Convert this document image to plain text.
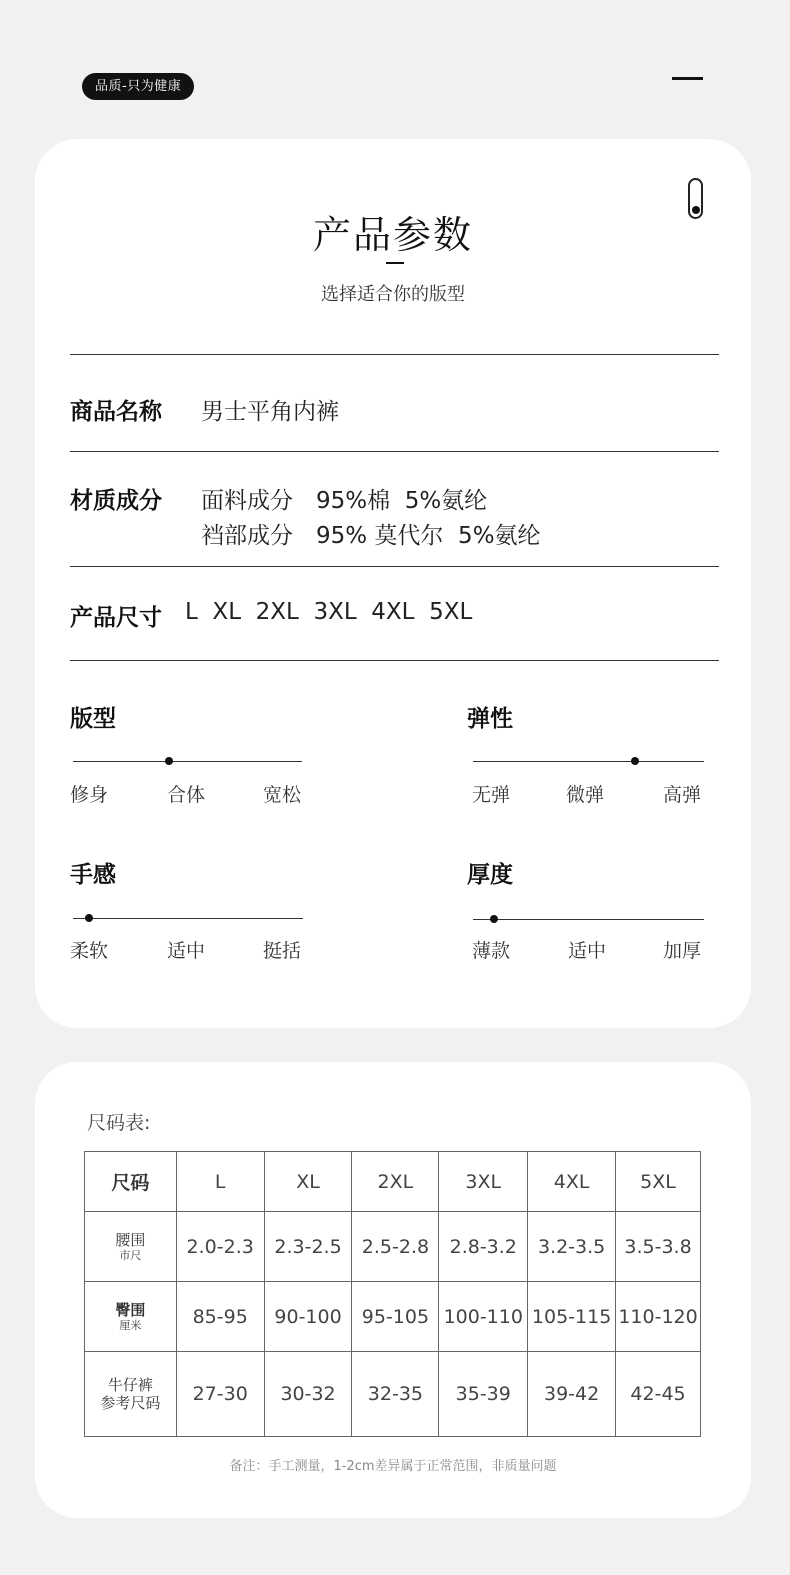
品质-只为健康
产品参数
选择适合你的版型
商品名称 男士平角内裤
材质成分 面料成分　95%棉  5%氨纶
裆部成分　95% 莫代尔  5%氨纶
产品尺寸 L  XL  2XL  3XL  4XL  5XL
版型
修身	合体	宽松
弹性
无弹	微弹	高弹
手感
柔软	适中	挺括
厚度
薄款	适中	加厚
尺码表:
尺码	L	XL	2XL	3XL	4XL	5XL

腰围
市尺	2.0-2.3	2.3-2.5	2.5-2.8	2.8-3.2	3.2-3.5	3.5-3.8

臀围
厘米	85-95	90-100	95-105	100-110	105-115	110-120

牛仔裤
参考尺码	27-30	30-32	32-35	35-39	39-42	42-45
备注：手工测量，1-2cm差异属于正常范围，非质量问题
